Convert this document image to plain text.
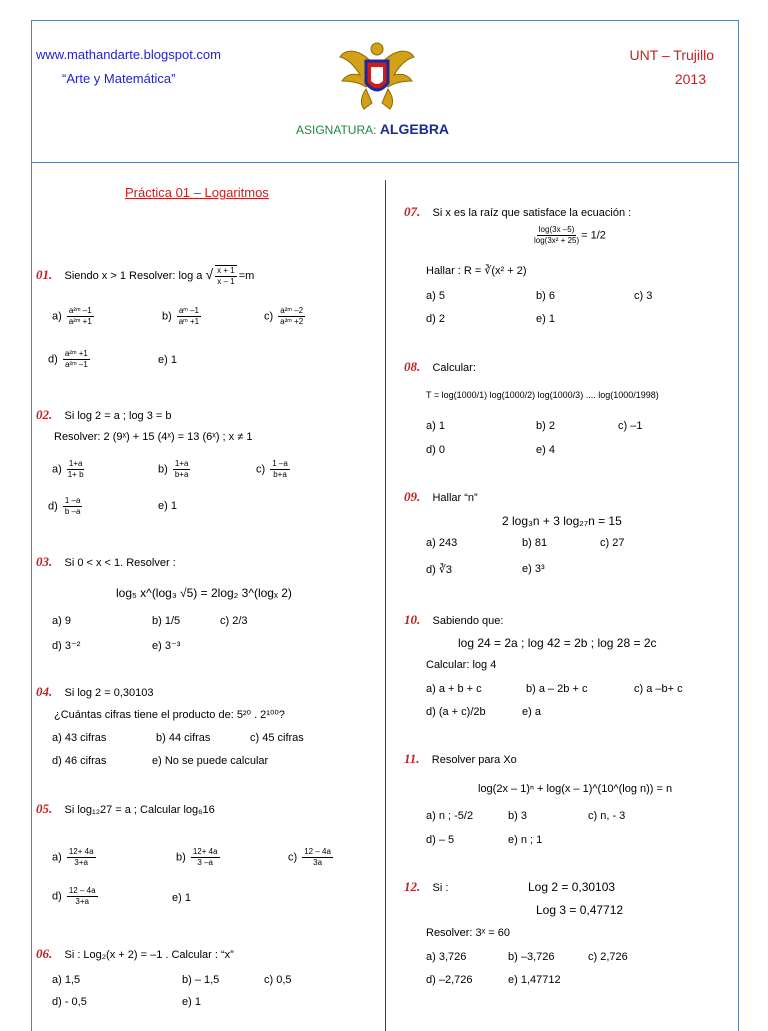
www.mathandarte.blogspot.com
“Arte y Matemática”
UNT – Trujillo
2013
ASIGNATURA: ALGEBRA
Práctica 01 – Logaritmos
01. Siendo x > 1 Resolver: log a √ $\frac{x + 1}{x - 1} =m$
$a) \frac{\text{a²ᵐ –1}}{\text{a²ᵐ +1}}$	$b) \frac{\text{aᵐ –1}}{\text{aᵐ +1}}$	$c) \frac{\text{a²ᵐ –2}}{\text{a²ᵐ +2}}$
$d) \frac{\text{a²ᵐ +1}}{\text{a²ᵐ –1}}$	e) 1
02. Si log 2 = a ; log 3 = b
Resolver: 2 (9ˣ) + 15 (4ˣ) = 13 (6ˣ) ; x ≠ 1
$a) \frac{1+a}{1+ b}$	$b) \frac{1+a}{b+a}$	$c) \frac{1 -a}{b+a}$
$d) \frac{1 -a}{b -a}$	e) 1
03. Si 0 < x < 1. Resolver :
log₅ x^(log₃ √5) = 2log₂ 3^(logₓ 2)
a) 9	b) 1/5	c) 2/3
d) 3⁻²	e) 3⁻³
04. Si log 2 = 0,30103
¿Cuántas cifras tiene el producto de: 5²⁰ . 2¹⁰⁰?
a) 43 cifras	b) 44 cifras	c) 45 cifras
d) 46 cifras	e) No se puede calcular
05. Si log₁₂27 = a ; Calcular log₆16
$a) \frac{12+ 4a}{3+a}$	$b) \frac{12+ 4a}{3 -a}$	$c) \frac{12 - 4a}{3a}$
$d) \frac{12 - 4a}{3+a}$	e) 1
06. Si : Log₂(x + 2) = –1 . Calcular : “x”
a) 1,5	b) – 1,5	c) 0,5
d) - 0,5	e) 1
07. Si x es la raíz que satisface la ecuación :
$\frac{\log(3x -5)}{\text{log(3x² + 25)}} = 1/2$
Hallar : R = ∛(x² + 2)
a) 5	b) 6	c) 3
d) 2	e) 1
08. Calcular:
T = log(1000/1) log(1000/2) log(1000/3) .... log(1000/1998)
a) 1	b) 2	c) –1
d) 0	e) 4
09. Hallar “n”
2 log₃n + 3 log₂₇n = 15
a) 243	b) 81	c) 27
d) ∛3	e) 3³
10. Sabiendo que:
log 24 = 2a ; log 42 = 2b ; log 28 = 2c
Calcular: log 4
a) a + b + c	b) a – 2b + c	c) a –b+ c
d) (a + c)/2b	e) a
11. Resolver para Xo
log(2x – 1)ⁿ + log(x – 1)^(10^(log n)) = n
a) n ; -5/2	b) 3	c) n, - 3
d) – 5	e) n ; 1
12. Si :	Log 2 = 0,30103
Log 3 = 0,47712
Resolver: 3ˣ = 60
a) 3,726	b) –3,726	c) 2,726
d) –2,726	e) 1,47712
